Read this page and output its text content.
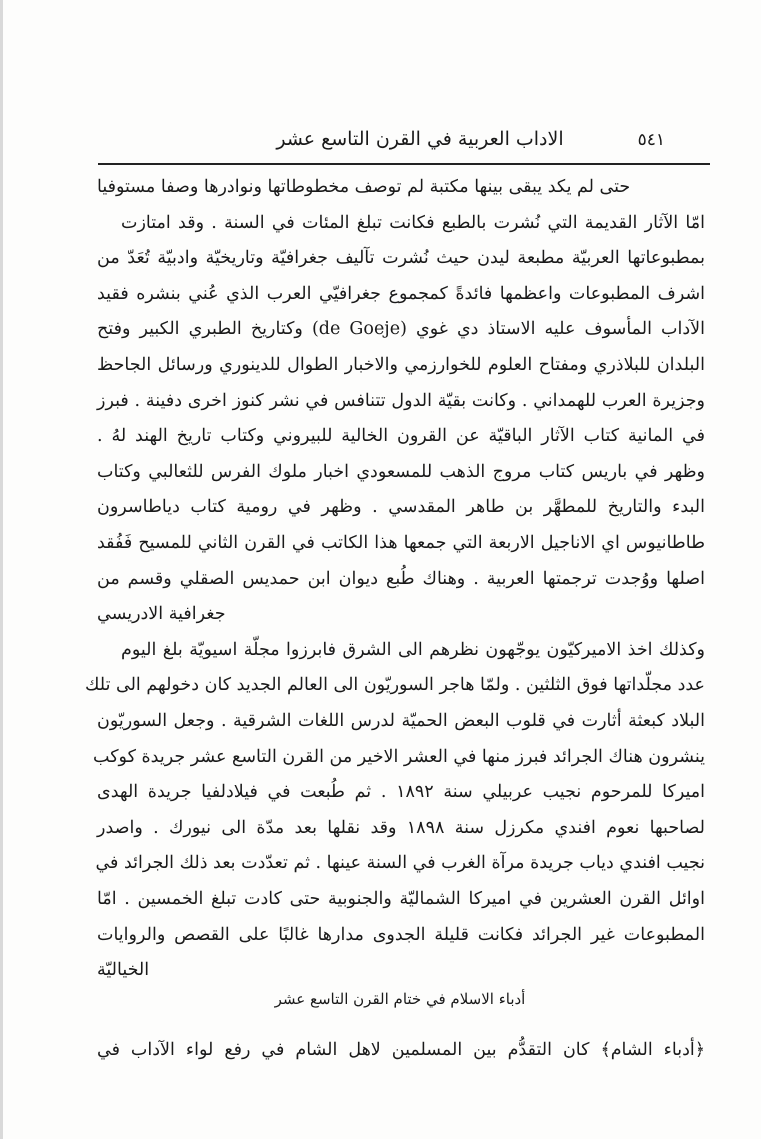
٥٤١
الاداب العربية في القرن التاسع عشر
حتى لم يكد يبقى بينها مكتبة لم توصف مخطوطاتها ونوادرها وصفا مستوفيا
امّا الآثار القديمة التي نُشرت بالطبع فكانت تبلغ المئات في السنة . وقد امتازت
بمطبوعاتها العربيّة مطبعة ليدن حيث نُشرت تآليف جغرافيّة وتاريخيّة وادبيّة تُعَدّ من
اشرف المطبوعات واعظمها فائدةً كمجموع جغرافيّي العرب الذي عُني بنشره فقيد
الآداب المأسوف عليه الاستاذ دي غوي (de Goeje) وكتاريخ الطبري الكبير وفتح
البلدان للبلاذري ومفتاح العلوم للخوارزمي والاخبار الطوال للدينوري ورسائل الجاحظ
وجزيرة العرب للهمداني . وكانت بقيّة الدول تتنافس في نشر كنوز اخرى دفينة . فبرز
في المانية كتاب الآثار الباقيّة عن القرون الخالية للبيروني وكتاب تاريخ الهند لهُ .
وظهر في باريس كتاب مروج الذهب للمسعودي اخبار ملوك الفرس للثعالبي وكتاب
البدء والتاريخ للمطهَّر بن طاهر المقدسي . وظهر في رومية كتاب دياطاسرون
طاطانيوس اي الاناجيل الاربعة التي جمعها هذا الكاتب في القرن الثاني للمسيح فَفُقد
اصلها ووُجدت ترجمتها العربية . وهناك طُبع ديوان ابن حمديس الصقلي وقسم من
جغرافية الادريسي
وكذلك اخذ الاميركيّون يوجّهون نظرهم الى الشرق فابرزوا مجلّة اسيويّة بلغ اليوم
عدد مجلّداتها فوق الثلثين . ولمّا هاجر السوريّون الى العالم الجديد كان دخولهم الى تلك
البلاد كبعثة أثارت في قلوب البعض الحميّة لدرس اللغات الشرقية . وجعل السوريّون
ينشرون هناك الجرائد فبرز منها في العشر الاخير من القرن التاسع عشر جريدة كوكب
اميركا للمرحوم نجيب عربيلي سنة ١٨٩٢ . ثم طُبعت في فيلادلفيا جريدة الهدى
لصاحبها نعوم افندي مكرزل سنة ١٨٩٨ وقد نقلها بعد مدّة الى نيورك . واصدر
نجيب افندي دياب جريدة مرآة الغرب في السنة عينها . ثم تعدّدت بعد ذلك الجرائد في
اوائل القرن العشرين في اميركا الشماليّة والجنوبية حتى كادت تبلغ الخمسين . امّا
المطبوعات غير الجرائد فكانت قليلة الجدوى مدارها غالبًا على القصص والروايات
الخياليّة
أدباء الاسلام في ختام القرن التاسع عشر
﴿أدباء الشام﴾ كان التقدُّم بين المسلمين لاهل الشام في رفع لواء الآداب في
